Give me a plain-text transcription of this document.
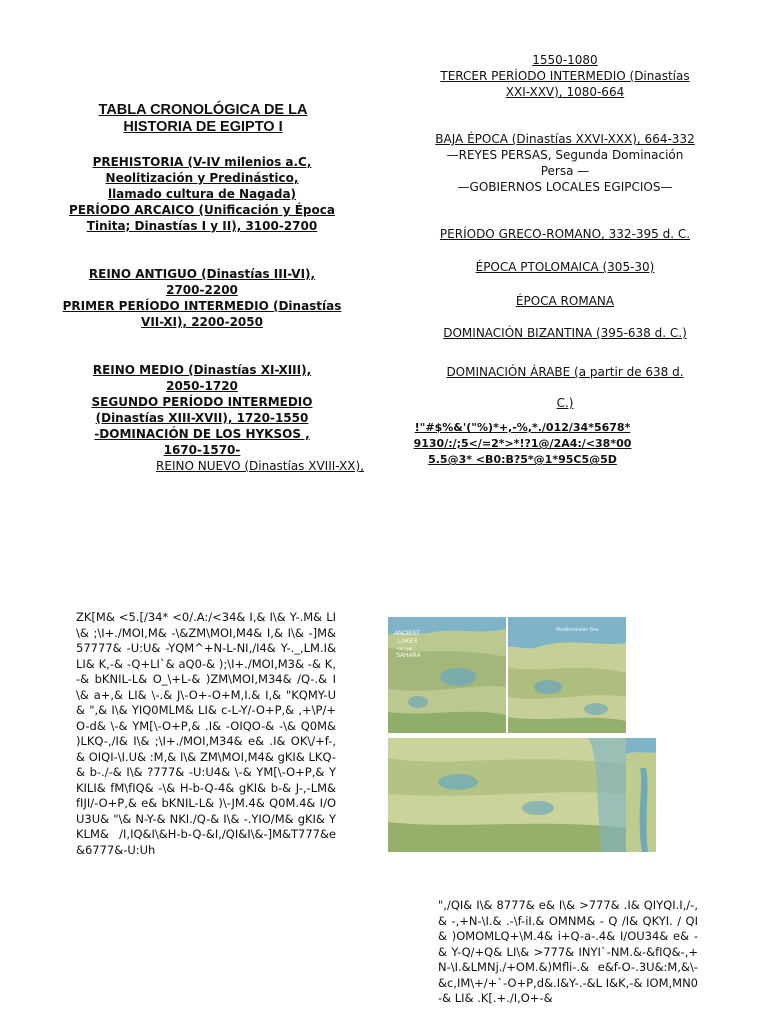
TABLA CRONOLÓGICA DE LA
HISTORIA DE EGIPTO I
PREHISTORIA (V-IV milenios a.C,
Neolitización y Predinástico,
llamado cultura de Nagada)
PERÍODO ARCAICO (Unificación y Época
Tinita; Dinastías I y II), 3100-2700
REINO ANTIGUO (Dinastías III-VI),
2700-2200
PRIMER PERÍODO INTERMEDIO (Dinastías
VII-XI), 2200-2050
REINO MEDIO (Dinastías XI-XIII),
2050-1720
SEGUNDO PERÍODO INTERMEDIO
(Dinastías XIII-XVII), 1720-1550
-DOMINACIÓN DE LOS HYKSOS ,
1670-1570-
REINO NUEVO (Dinastías XVIII-XX),
1550-1080
TERCER PERÍODO INTERMEDIO (Dinastías
XXI-XXV), 1080-664
BAJA ÉPOCA (Dinastías XXVI-XXX), 664-332
—REYES PERSAS, Segunda Dominación
Persa —
—GOBIERNOS LOCALES EGIPCIOS—
PERÍODO GRECO-ROMANO, 332-395 d. C.
ÉPOCA PTOLOMAICA (305-30)
ÉPOCA ROMANA
DOMINACIÓN BIZANTINA (395-638 d. C.)
DOMINACIÓN ÁRABE (a partir de 638 d.
C.)
!"#$%&'("%)*+,-%,*./012/34*5678*
9130/:/;5</=2*>*!?1@/2A4:/<38*00
5.5@3* <B0:B?5*@1*95C5@5D
ZK[M& <5.[/34* <0/.A:/<34& I,& I\& Y-.M& LI\& ;\I+./MOI,M& -\&ZM\MOI,M4& I,& I\& -]M& 57777& -U:U& -YQM^+N-L-NI,/I4& Y-._,LM.I& LI& K,-& -Q+LI`& aQ0-& );\I+./MOI,M3& -& K,-& bKNIL-L& O_\+L-& )ZM\MOI,M34& /Q-.& I\& a+,& LI& \-.& J\-O+-O+M,I.& I,& "KQMY-U& ",& I\& YIQ0MLM& LI& c-L-Y/-O+P,& ,+\P/+O-d& \-& YM[\-O+P,& .I& -OIQO-& -\& Q0M& )LKQ-,/I& I\& ;\I+./MOI,M34& e& .I& OK\/+f-,& OIQI-\I.U& :M,& I\& ZM\MOI,M4& gKI& LKQ-& b-./-& I\& ?777& -U:U4& \-& YM[\-O+P,& YKILI& fM\fIQ& -\& H-b-Q-4& gKI& b-& J-,-LM& fIJI/-O+P,& e& bKNIL-L& )\-JM.4& Q0M.4& I/OU3U& "\& N-Y-& NKI./Q-& I\& -.YIO/M& gKI& YKLM& /I,IQ&I\&H-b-Q-&I,/QI&I\&-]M&T777&e&6777&-U:Uh
",/QI& I\& 8777& e& I\& >777& .I& QIYQI.I,/-,& -,+N-\I.& .-\f-iI.& OMNM& - Q /I& QKYI. / QI& )OMOMLQ+\M.4& i+Q-a-.4& I/OU34& e& -& Y-Q/+Q& LI\& >777& INYI`-NM.&-&fIQ&-,+N-\I.&LMNj./+OM.&)Mfli-.& e&f-O-.3U&:M,&\-&c,IM\+/+`-O+P,d&.I&Y-.-&L I&K,-& IOM,MN0-& LI& .K[.+./I,O+-&
ANCIENT
LAKES
OF THE
SAHARA
Mediterranean Sea
